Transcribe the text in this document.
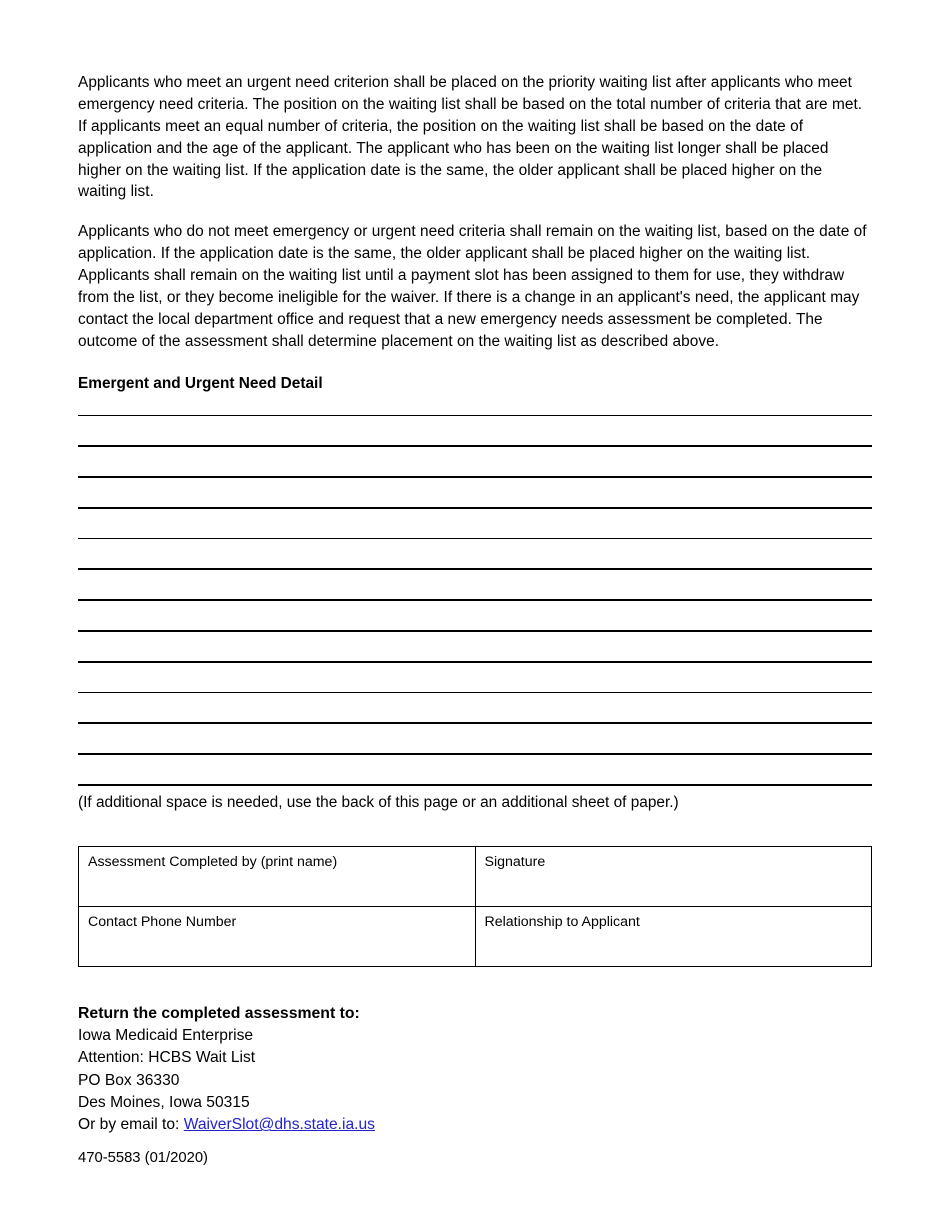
Applicants who meet an urgent need criterion shall be placed on the priority waiting list after applicants who meet emergency need criteria. The position on the waiting list shall be based on the total number of criteria that are met. If applicants meet an equal number of criteria, the position on the waiting list shall be based on the date of application and the age of the applicant. The applicant who has been on the waiting list longer shall be placed higher on the waiting list. If the application date is the same, the older applicant shall be placed higher on the waiting list.

Applicants who do not meet emergency or urgent need criteria shall remain on the waiting list, based on the date of application. If the application date is the same, the older applicant shall be placed higher on the waiting list. Applicants shall remain on the waiting list until a payment slot has been assigned to them for use, they withdraw from the list, or they become ineligible for the waiver. If there is a change in an applicant's need, the applicant may contact the local department office and request that a new emergency needs assessment be completed. The outcome of the assessment shall determine placement on the waiting list as described above.

Emergent and Urgent Need Detail
(If additional space is needed, use the back of this page or an additional sheet of paper.)
Assessment Completed by (print name)	Signature
Contact Phone Number	Relationship to Applicant
Return the completed assessment to:
Iowa Medicaid Enterprise
Attention: HCBS Wait List
PO Box 36330
Des Moines, Iowa 50315
Or by email to: WaiverSlot@dhs.state.ia.us
470-5583 (01/2020)
